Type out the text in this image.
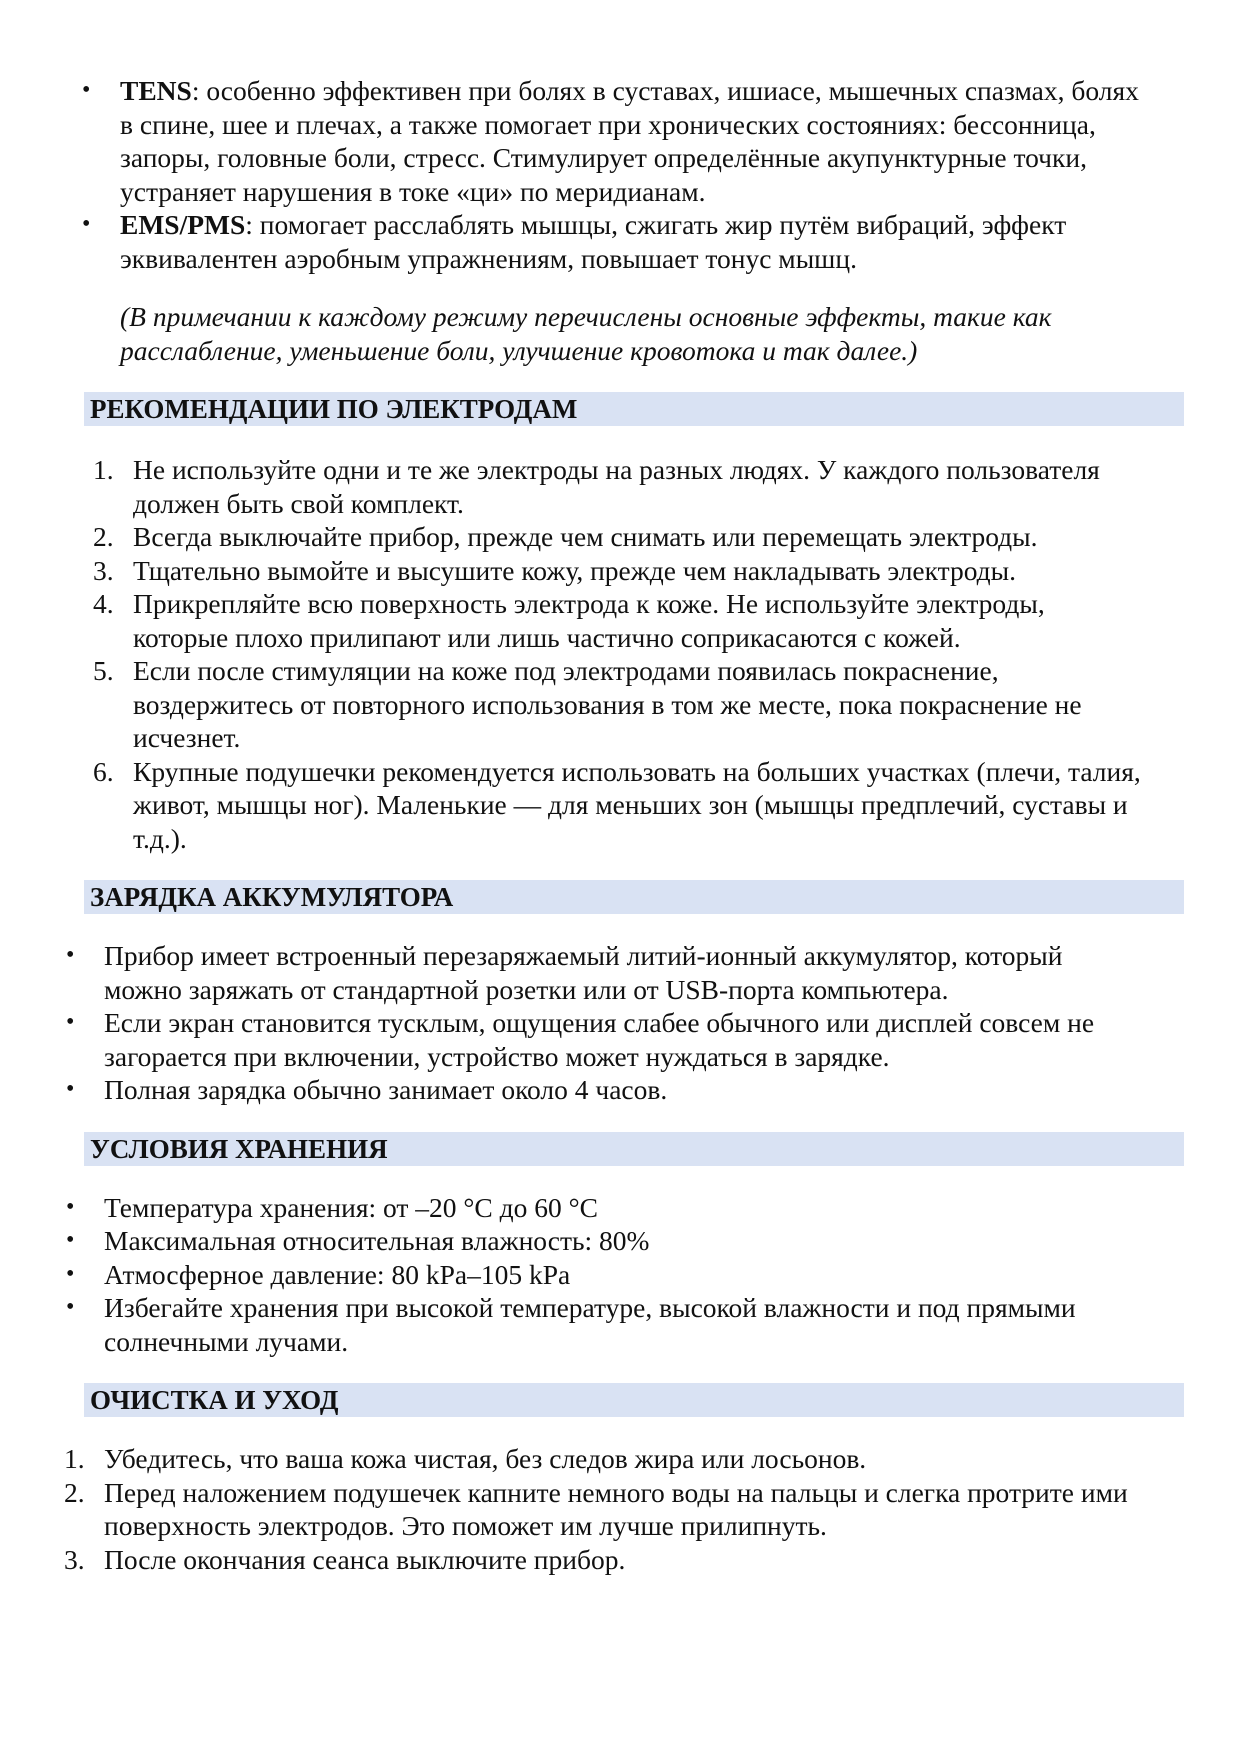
• TENS: особенно эффективен при болях в суставах, ишиасе, мышечных спазмах, болях в спине, шее и плечах, а также помогает при хронических состояниях: бессонница, запоры, головные боли, стресс. Стимулирует определённые акупунктурные точки, устраняет нарушения в токе «ци» по меридианам.
• EMS/PMS: помогает расслаблять мышцы, сжигать жир путём вибраций, эффект эквивалентен аэробным упражнениям, повышает тонус мышц.
(В примечании к каждому режиму перечислены основные эффекты, такие как расслабление, уменьшение боли, улучшение кровотока и так далее.)
РЕКОМЕНДАЦИИ ПО ЭЛЕКТРОДАМ
1. Не используйте одни и те же электроды на разных людях. У каждого пользователя должен быть свой комплект.
2. Всегда выключайте прибор, прежде чем снимать или перемещать электроды.
3. Тщательно вымойте и высушите кожу, прежде чем накладывать электроды.
4. Прикрепляйте всю поверхность электрода к коже. Не используйте электроды, которые плохо прилипают или лишь частично соприкасаются с кожей.
5. Если после стимуляции на коже под электродами появилась покраснение, воздержитесь от повторного использования в том же месте, пока покраснение не исчезнет.
6. Крупные подушечки рекомендуется использовать на больших участках (плечи, талия, живот, мышцы ног). Маленькие — для меньших зон (мышцы предплечий, суставы и т.д.).
ЗАРЯДКА АККУМУЛЯТОРА
• Прибор имеет встроенный перезаряжаемый литий-ионный аккумулятор, который можно заряжать от стандартной розетки или от USB-порта компьютера.
• Если экран становится тусклым, ощущения слабее обычного или дисплей совсем не загорается при включении, устройство может нуждаться в зарядке.
• Полная зарядка обычно занимает около 4 часов.
УСЛОВИЯ ХРАНЕНИЯ
• Температура хранения: от –20 °C до 60 °C
• Максимальная относительная влажность: 80%
• Атмосферное давление: 80 kPa–105 kPa
• Избегайте хранения при высокой температуре, высокой влажности и под прямыми солнечными лучами.
ОЧИСТКА И УХОД
1. Убедитесь, что ваша кожа чистая, без следов жира или лосьонов.
2. Перед наложением подушечек капните немного воды на пальцы и слегка протрите ими поверхность электродов. Это поможет им лучше прилипнуть.
3. После окончания сеанса выключите прибор.
